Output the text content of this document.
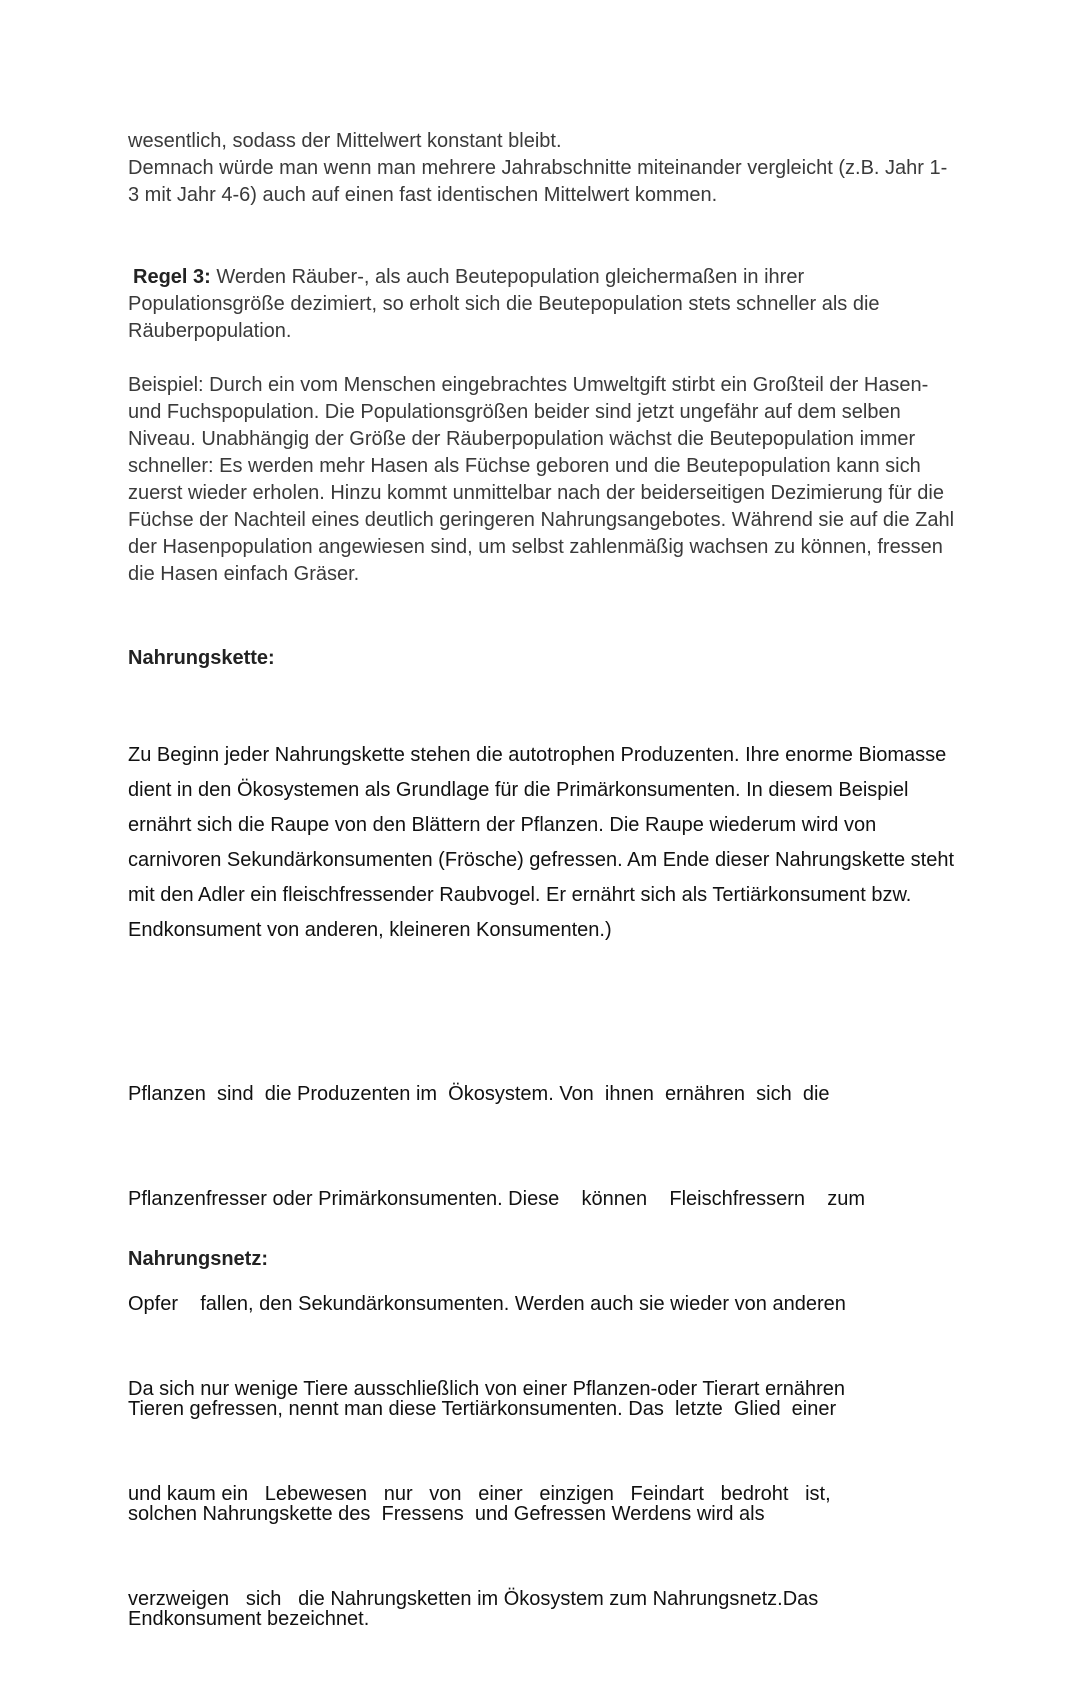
wesentlich, sodass der Mittelwert konstant bleibt.

Demnach würde man wenn man mehrere Jahrabschnitte miteinander vergleicht (z.B. Jahr 1-3 mit Jahr 4-6) auch auf einen fast identischen Mittelwert kommen.

Regel 3: Werden Räuber-, als auch Beutepopulation gleichermaßen in ihrer Populationsgröße dezimiert, so erholt sich die Beutepopulation stets schneller als die Räuberpopulation.

Beispiel: Durch ein vom Menschen eingebrachtes Umweltgift stirbt ein Großteil der Hasen- und Fuchspopulation. Die Populationsgrößen beider sind jetzt ungefähr auf dem selben Niveau. Unabhängig der Größe der Räuberpopulation wächst die Beutepopulation immer schneller: Es werden mehr Hasen als Füchse geboren und die Beutepopulation kann sich zuerst wieder erholen. Hinzu kommt unmittelbar nach der beiderseitigen Dezimierung für die Füchse der Nachteil eines deutlich geringeren Nahrungsangebotes. Während sie auf die Zahl der Hasenpopulation angewiesen sind, um selbst zahlenmäßig wachsen zu können, fressen die Hasen einfach Gräser.

Nahrungskette:

Zu Beginn jeder Nahrungskette stehen die autotrophen Produzenten. Ihre enorme Biomasse dient in den Ökosystemen als Grundlage für die Primärkonsumenten. In diesem Beispiel ernährt sich die Raupe von den Blättern der Pflanzen. Die Raupe wiederum wird von carnivoren Sekundärkonsumenten (Frösche) gefressen. Am Ende dieser Nahrungskette steht mit den Adler ein fleischfressender Raubvogel. Er ernährt sich als Tertiärkonsument bzw. Endkonsument von anderen, kleineren Konsumenten.)

Pflanzen  sind  die Produzenten im  Ökosystem. Von  ihnen  ernähren  sich  die

Pflanzenfresser oder Primärkonsumenten. Diese    können    Fleischfressern    zum

Opfer    fallen, den Sekundärkonsumenten. Werden auch sie wieder von anderen

Tieren gefressen, nennt man diese Tertiärkonsumenten. Das  letzte  Glied  einer

solchen Nahrungskette des  Fressens  und Gefressen Werdens wird als

Endkonsument bezeichnet.

Nahrungsnetz:

Da sich nur wenige Tiere ausschließlich von einer Pflanzen-oder Tierart ernähren

und kaum ein   Lebewesen   nur   von   einer   einzigen   Feindart   bedroht   ist,

verzweigen   sich   die Nahrungsketten im Ökosystem zum Nahrungsnetz.Das
